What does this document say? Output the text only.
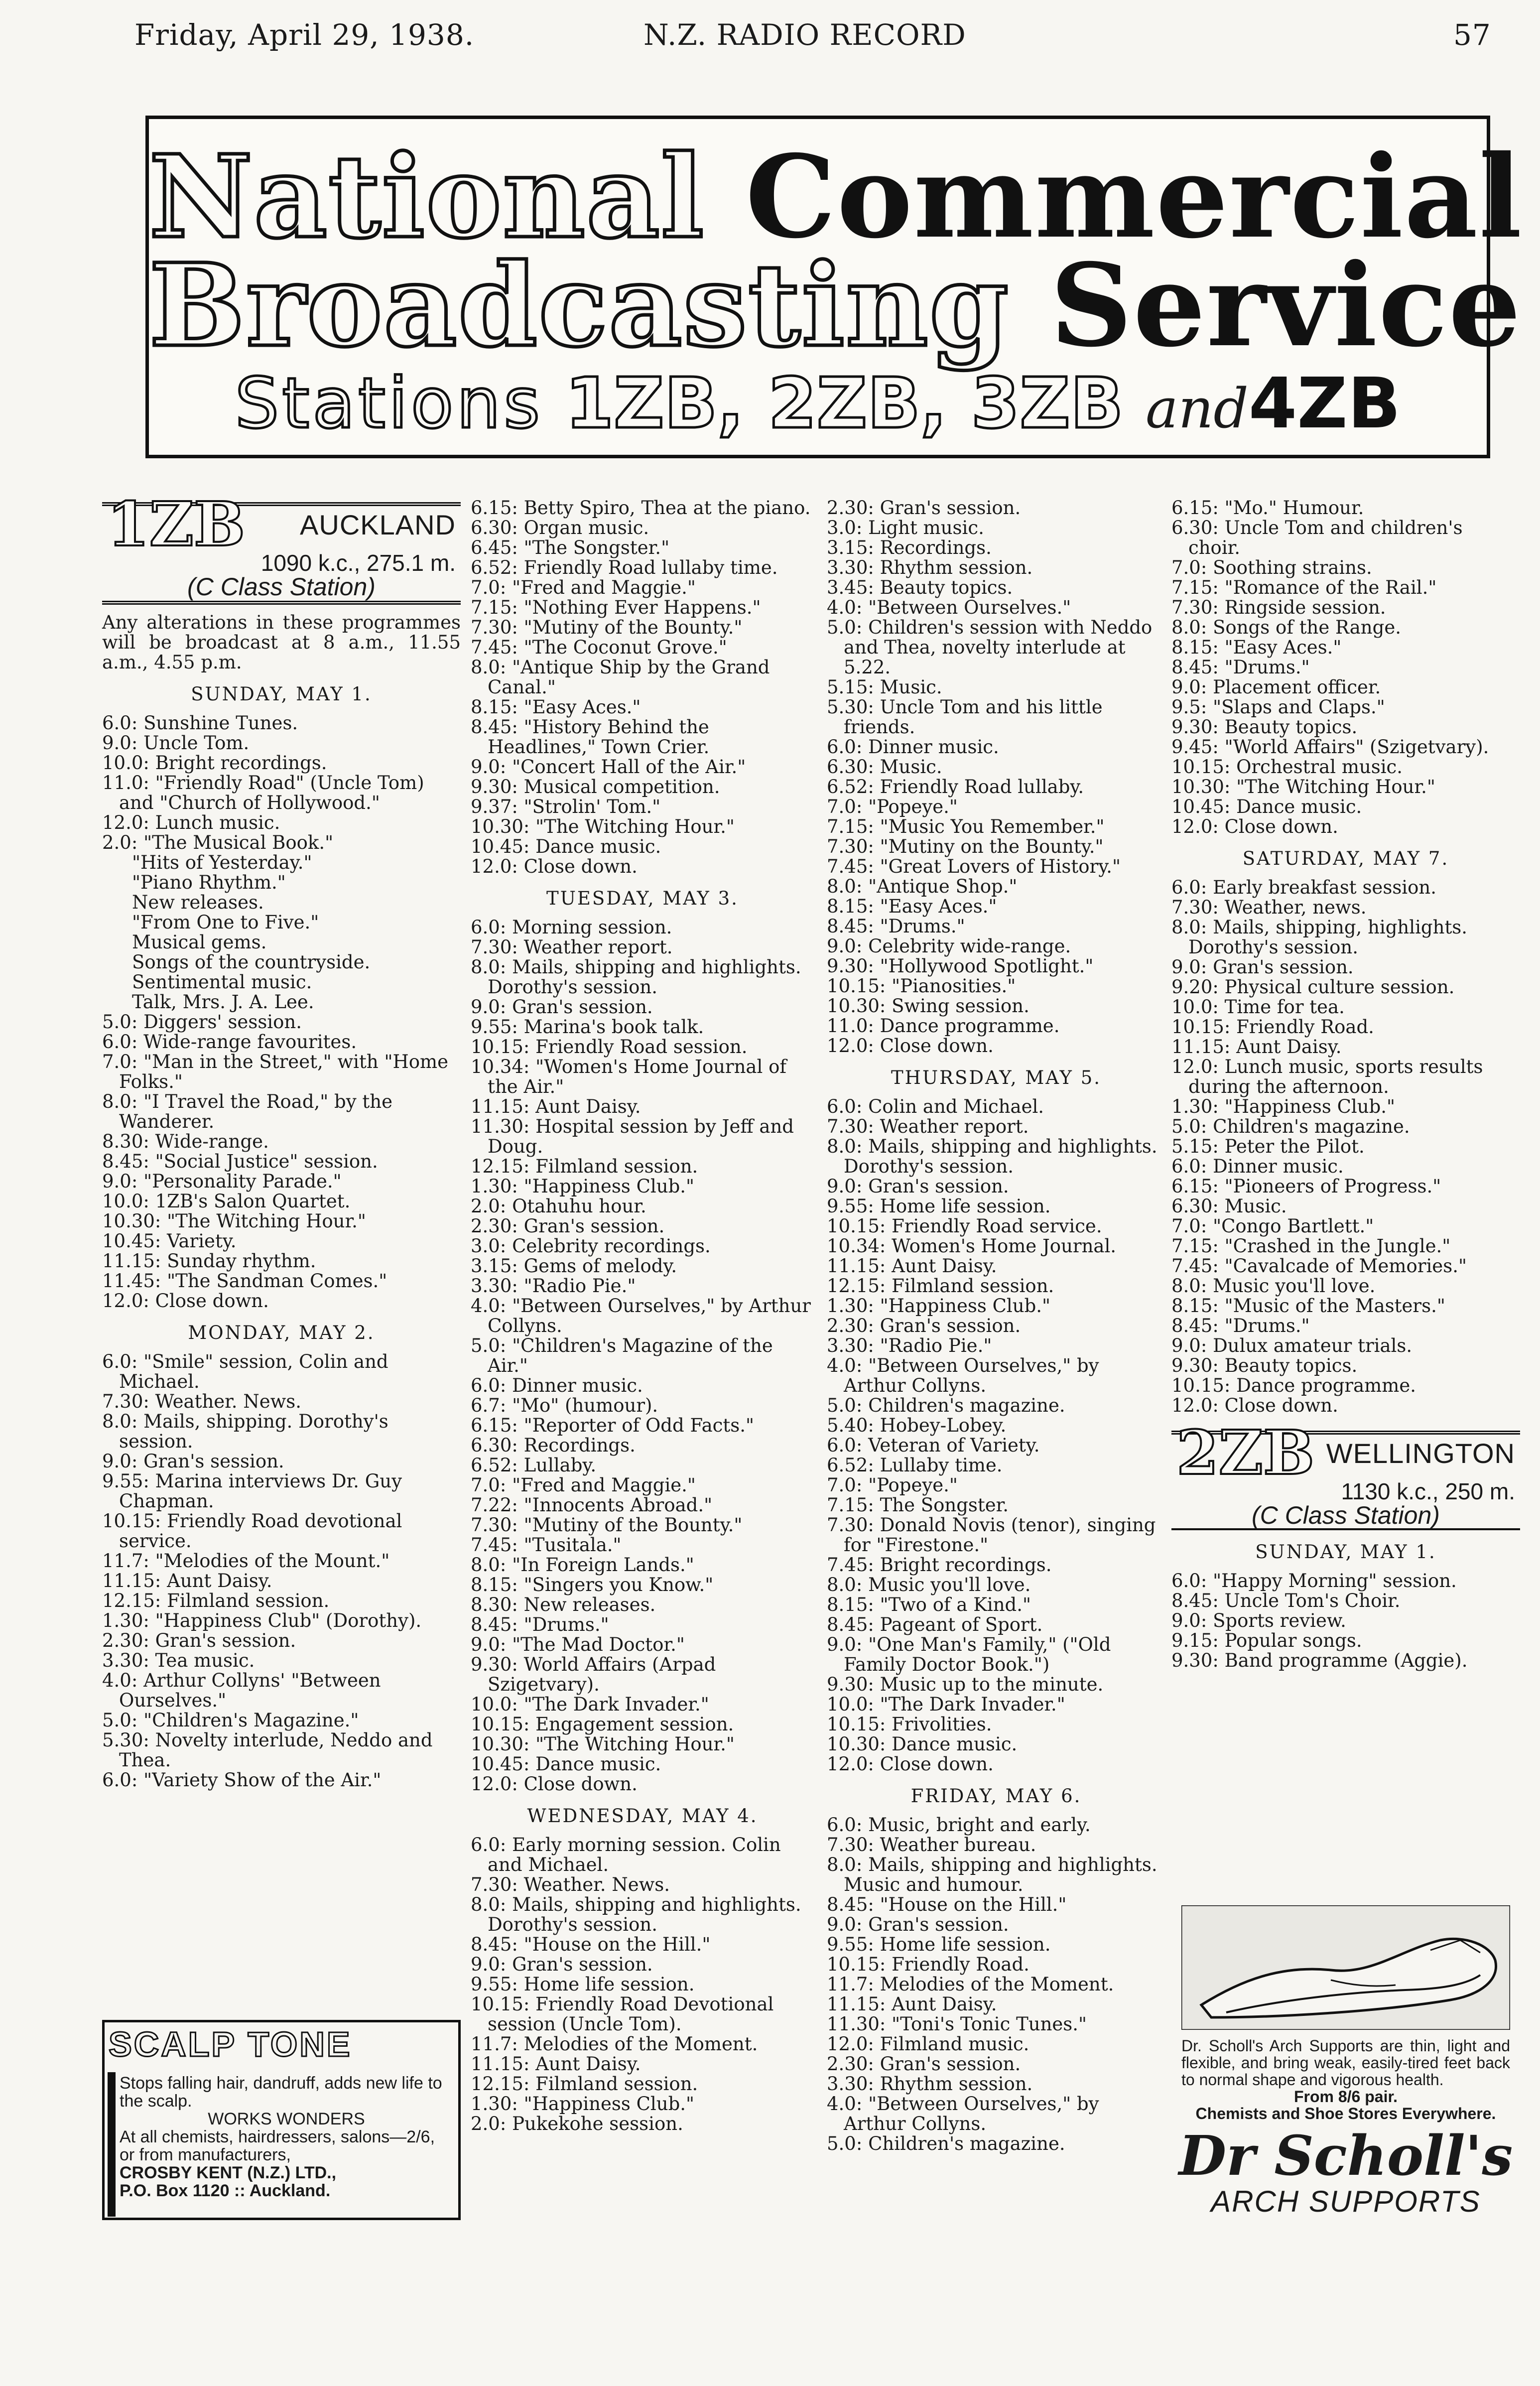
Friday, April 29, 1938.	N.Z. RADIO RECORD	57
National Commercial
Broadcasting Service
Stations 1ZB, 2ZB, 3ZB and4ZB
1ZB AUCKLAND
1090 k.c., 275.1 m.
(C Class Station)

Any alterations in these programmes will be broadcast at 8 a.m., 11.55 a.m., 4.55 p.m.

SUNDAY, MAY 1.

6.0: Sunshine Tunes.

9.0: Uncle Tom.

10.0: Bright recordings.

11.0: "Friendly Road" (Uncle Tom) and "Church of Hollywood."

12.0: Lunch music.

2.0: "The Musical Book."

"Hits of Yesterday."

"Piano Rhythm."

New releases.

"From One to Five."

Musical gems.

Songs of the countryside.

Sentimental music.

Talk, Mrs. J. A. Lee.

5.0: Diggers' session.

6.0: Wide-range favourites.

7.0: "Man in the Street," with "Home Folks."

8.0: "I Travel the Road," by the Wanderer.

8.30: Wide-range.

8.45: "Social Justice" session.

9.0: "Personality Parade."

10.0: 1ZB's Salon Quartet.

10.30: "The Witching Hour."

10.45: Variety.

11.15: Sunday rhythm.

11.45: "The Sandman Comes."

12.0: Close down.

MONDAY, MAY 2.

6.0: "Smile" session, Colin and Michael.

7.30: Weather. News.

8.0: Mails, shipping. Dorothy's session.

9.0: Gran's session.

9.55: Marina interviews Dr. Guy Chapman.

10.15: Friendly Road devotional service.

11.7: "Melodies of the Mount."

11.15: Aunt Daisy.

12.15: Filmland session.

1.30: "Happiness Club" (Dorothy).

2.30: Gran's session.

3.30: Tea music.

4.0: Arthur Collyns' "Between Ourselves."

5.0: "Children's Magazine."

5.30: Novelty interlude, Neddo and Thea.

6.0: "Variety Show of the Air."

6.15: Betty Spiro, Thea at the piano.

6.30: Organ music.

6.45: "The Songster."

6.52: Friendly Road lullaby time.

7.0: "Fred and Maggie."

7.15: "Nothing Ever Happens."

7.30: "Mutiny of the Bounty."

7.45: "The Coconut Grove."

8.0: "Antique Ship by the Grand Canal."

8.15: "Easy Aces."

8.45: "History Behind the Headlines," Town Crier.

9.0: "Concert Hall of the Air."

9.30: Musical competition.

9.37: "Strolin' Tom."

10.30: "The Witching Hour."

10.45: Dance music.

12.0: Close down.

TUESDAY, MAY 3.

6.0: Morning session.

7.30: Weather report.

8.0: Mails, shipping and highlights. Dorothy's session.

9.0: Gran's session.

9.55: Marina's book talk.

10.15: Friendly Road session.

10.34: "Women's Home Journal of the Air."

11.15: Aunt Daisy.

11.30: Hospital session by Jeff and Doug.

12.15: Filmland session.

1.30: "Happiness Club."

2.0: Otahuhu hour.

2.30: Gran's session.

3.0: Celebrity recordings.

3.15: Gems of melody.

3.30: "Radio Pie."

4.0: "Between Ourselves," by Arthur Collyns.

5.0: "Children's Magazine of the Air."

6.0: Dinner music.

6.7: "Mo" (humour).

6.15: "Reporter of Odd Facts."

6.30: Recordings.

6.52: Lullaby.

7.0: "Fred and Maggie."

7.22: "Innocents Abroad."

7.30: "Mutiny of the Bounty."

7.45: "Tusitala."

8.0: "In Foreign Lands."

8.15: "Singers you Know."

8.30: New releases.

8.45: "Drums."

9.0: "The Mad Doctor."

9.30: World Affairs (Arpad Szigetvary).

10.0: "The Dark Invader."

10.15: Engagement session.

10.30: "The Witching Hour."

10.45: Dance music.

12.0: Close down.

WEDNESDAY, MAY 4.

6.0: Early morning session. Colin and Michael.

7.30: Weather. News.

8.0: Mails, shipping and highlights. Dorothy's session.

8.45: "House on the Hill."

9.0: Gran's session.

9.55: Home life session.

10.15: Friendly Road Devotional session (Uncle Tom).

11.7: Melodies of the Moment.

11.15: Aunt Daisy.

12.15: Filmland session.

1.30: "Happiness Club."

2.0: Pukekohe session.

2.30: Gran's session.

3.0: Light music.

3.15: Recordings.

3.30: Rhythm session.

3.45: Beauty topics.

4.0: "Between Ourselves."

5.0: Children's session with Neddo and Thea, novelty interlude at 5.22.

5.15: Music.

5.30: Uncle Tom and his little friends.

6.0: Dinner music.

6.30: Music.

6.52: Friendly Road lullaby.

7.0: "Popeye."

7.15: "Music You Remember."

7.30: "Mutiny on the Bounty."

7.45: "Great Lovers of History."

8.0: "Antique Shop."

8.15: "Easy Aces."

8.45: "Drums."

9.0: Celebrity wide-range.

9.30: "Hollywood Spotlight."

10.15: "Pianosities."

10.30: Swing session.

11.0: Dance programme.

12.0: Close down.

THURSDAY, MAY 5.

6.0: Colin and Michael.

7.30: Weather report.

8.0: Mails, shipping and highlights. Dorothy's session.

9.0: Gran's session.

9.55: Home life session.

10.15: Friendly Road service.

10.34: Women's Home Journal.

11.15: Aunt Daisy.

12.15: Filmland session.

1.30: "Happiness Club."

2.30: Gran's session.

3.30: "Radio Pie."

4.0: "Between Ourselves," by Arthur Collyns.

5.0: Children's magazine.

5.40: Hobey-Lobey.

6.0: Veteran of Variety.

6.52: Lullaby time.

7.0: "Popeye."

7.15: The Songster.

7.30: Donald Novis (tenor), singing for "Firestone."

7.45: Bright recordings.

8.0: Music you'll love.

8.15: "Two of a Kind."

8.45: Pageant of Sport.

9.0: "One Man's Family," ("Old Family Doctor Book.")

9.30: Music up to the minute.

10.0: "The Dark Invader."

10.15: Frivolities.

10.30: Dance music.

12.0: Close down.

FRIDAY, MAY 6.

6.0: Music, bright and early.

7.30: Weather bureau.

8.0: Mails, shipping and highlights. Music and humour.

8.45: "House on the Hill."

9.0: Gran's session.

9.55: Home life session.

10.15: Friendly Road.

11.7: Melodies of the Moment.

11.15: Aunt Daisy.

11.30: "Toni's Tonic Tunes."

12.0: Filmland music.

2.30: Gran's session.

3.30: Rhythm session.

4.0: "Between Ourselves," by Arthur Collyns.

5.0: Children's magazine.

6.15: "Mo." Humour.

6.30: Uncle Tom and children's choir.

7.0: Soothing strains.

7.15: "Romance of the Rail."

7.30: Ringside session.

8.0: Songs of the Range.

8.15: "Easy Aces."

8.45: "Drums."

9.0: Placement officer.

9.5: "Slaps and Claps."

9.30: Beauty topics.

9.45: "World Affairs" (Szigetvary).

10.15: Orchestral music.

10.30: "The Witching Hour."

10.45: Dance music.

12.0: Close down.

SATURDAY, MAY 7.

6.0: Early breakfast session.

7.30: Weather, news.

8.0: Mails, shipping, highlights. Dorothy's session.

9.0: Gran's session.

9.20: Physical culture session.

10.0: Time for tea.

10.15: Friendly Road.

11.15: Aunt Daisy.

12.0: Lunch music, sports results during the afternoon.

1.30: "Happiness Club."

5.0: Children's magazine.

5.15: Peter the Pilot.

6.0: Dinner music.

6.15: "Pioneers of Progress."

6.30: Music.

7.0: "Congo Bartlett."

7.15: "Crashed in the Jungle."

7.45: "Cavalcade of Memories."

8.0: Music you'll love.

8.15: "Music of the Masters."

8.45: "Drums."

9.0: Dulux amateur trials.

9.30: Beauty topics.

10.15: Dance programme.

12.0: Close down.

2ZB WELLINGTON
1130 k.c., 250 m.
(C Class Station)

SUNDAY, MAY 1.

6.0: "Happy Morning" session.

8.45: Uncle Tom's Choir.

9.0: Sports review.

9.15: Popular songs.

9.30: Band programme (Aggie).

SCALP TONE
Stops falling hair, dandruff, adds new life to the scalp.
WORKS WONDERS
At all chemists, hairdressers, salons—2/6, or from manufacturers,
CROSBY KENT (N.Z.) LTD.,
P.O. Box 1120 :: Auckland.
Dr. Scholl's Arch Supports are thin, light and flexible, and bring weak, easily-tired feet back to normal shape and vigorous health.
From 8/6 pair.
Chemists and Shoe Stores Everywhere.
Dr Scholl's
ARCH SUPPORTS
